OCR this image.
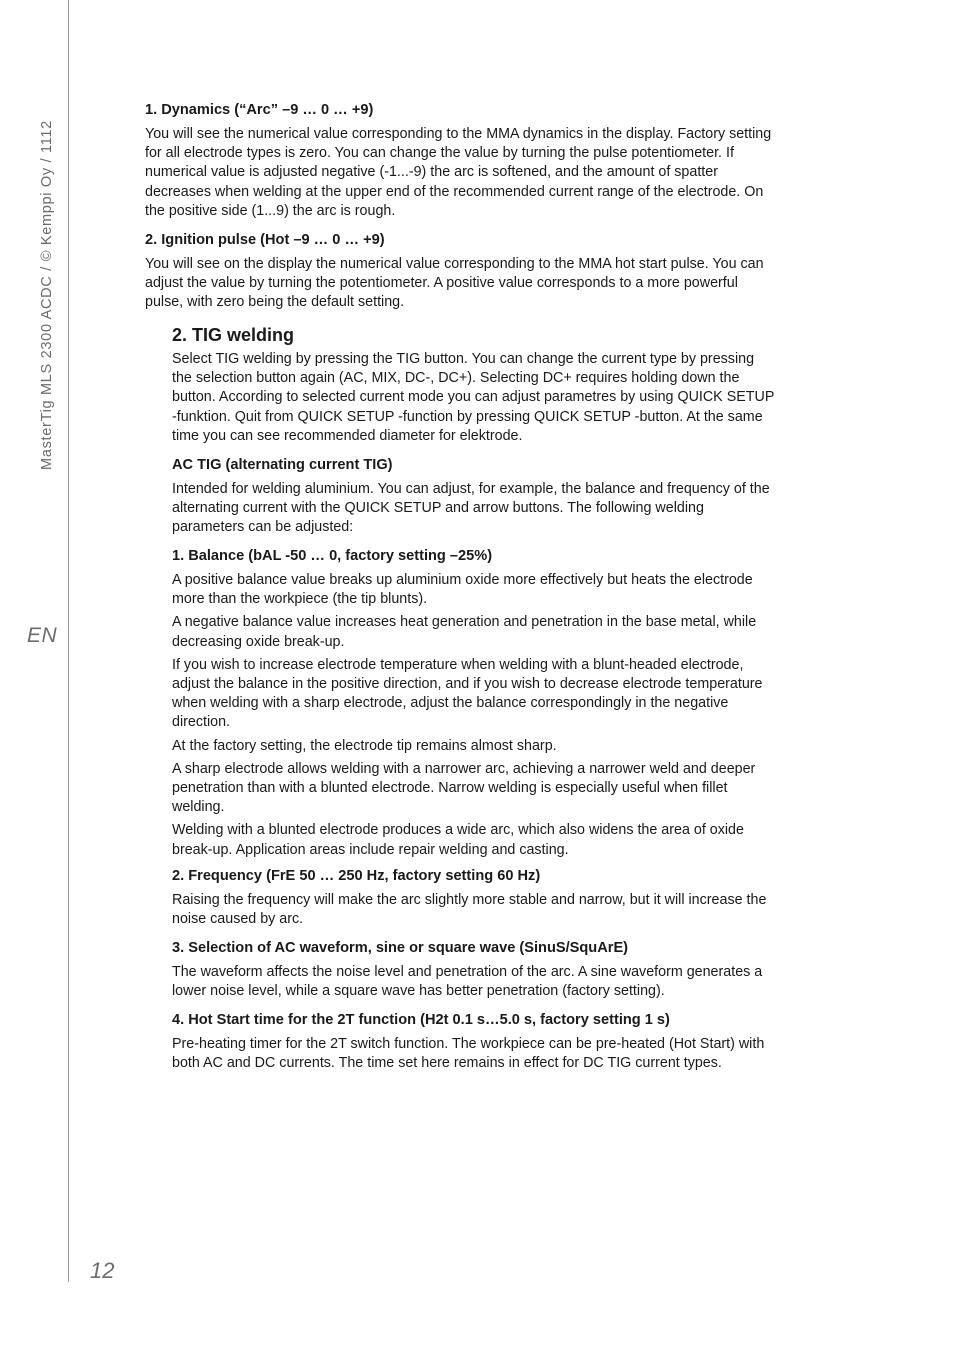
MasterTig MLS 2300 ACDC / © Kemppi Oy / 1112
EN
12
1. Dynamics (“Arc” –9 … 0 … +9)

You will see the numerical value corresponding to the MMA dynamics in the display. Factory setting for all electrode types is zero. You can change the value by turning the pulse potentiometer. If numerical value is adjusted negative (-1...-9) the arc is softened, and the amount of spatter decreases when welding at the upper end of the recommended current range of the electrode. On the positive side (1...9) the arc is rough.

2. Ignition pulse (Hot –9 … 0 … +9)

You will see on the display the numerical value corresponding to the MMA hot start pulse. You can adjust the value by turning the potentiometer. A positive value corresponds to a more powerful pulse, with zero being the default setting.

2. TIG welding

Select TIG welding by pressing the TIG button. You can change the current type by pressing the selection button again (AC, MIX, DC-, DC+). Selecting DC+ requires holding down the button. According to selected current mode you can adjust parametres by using QUICK SETUP -funktion. Quit from QUICK SETUP -function by pressing QUICK SETUP -button. At the same time you can see recommended diameter for elektrode.

AC TIG (alternating current TIG)

Intended for welding aluminium. You can adjust, for example, the balance and frequency of the alternating current with the QUICK SETUP and arrow buttons. The following welding parameters can be adjusted:

1. Balance (bAL -50 … 0, factory setting –25%)

A positive balance value breaks up aluminium oxide more effectively but heats the electrode more than the workpiece (the tip blunts).

A negative balance value increases heat generation and penetration in the base metal, while decreasing oxide break-up.

If you wish to increase electrode temperature when welding with a blunt-headed electrode, adjust the balance in the positive direction, and if you wish to decrease electrode temperature when welding with a sharp electrode, adjust the balance correspondingly in the negative direction.

At the factory setting, the electrode tip remains almost sharp.

A sharp electrode allows welding with a narrower arc, achieving a narrower weld and deeper penetration than with a blunted electrode. Narrow welding is especially useful when fillet welding.

Welding with a blunted electrode produces a wide arc, which also widens the area of oxide break-up. Application areas include repair welding and casting.

2. Frequency (FrE 50 … 250 Hz, factory setting 60 Hz)

Raising the frequency will make the arc slightly more stable and narrow, but it will increase the noise caused by arc.

3. Selection of AC waveform, sine or square wave (SinuS/SquArE)

The waveform affects the noise level and penetration of the arc. A sine waveform generates a lower noise level, while a square wave has better penetration (factory setting).

4. Hot Start time for the 2T function (H2t 0.1 s…5.0 s, factory setting 1 s)

Pre-heating timer for the 2T switch function. The workpiece can be pre-heated (Hot Start) with both AC and DC currents. The time set here remains in effect for DC TIG current types.
